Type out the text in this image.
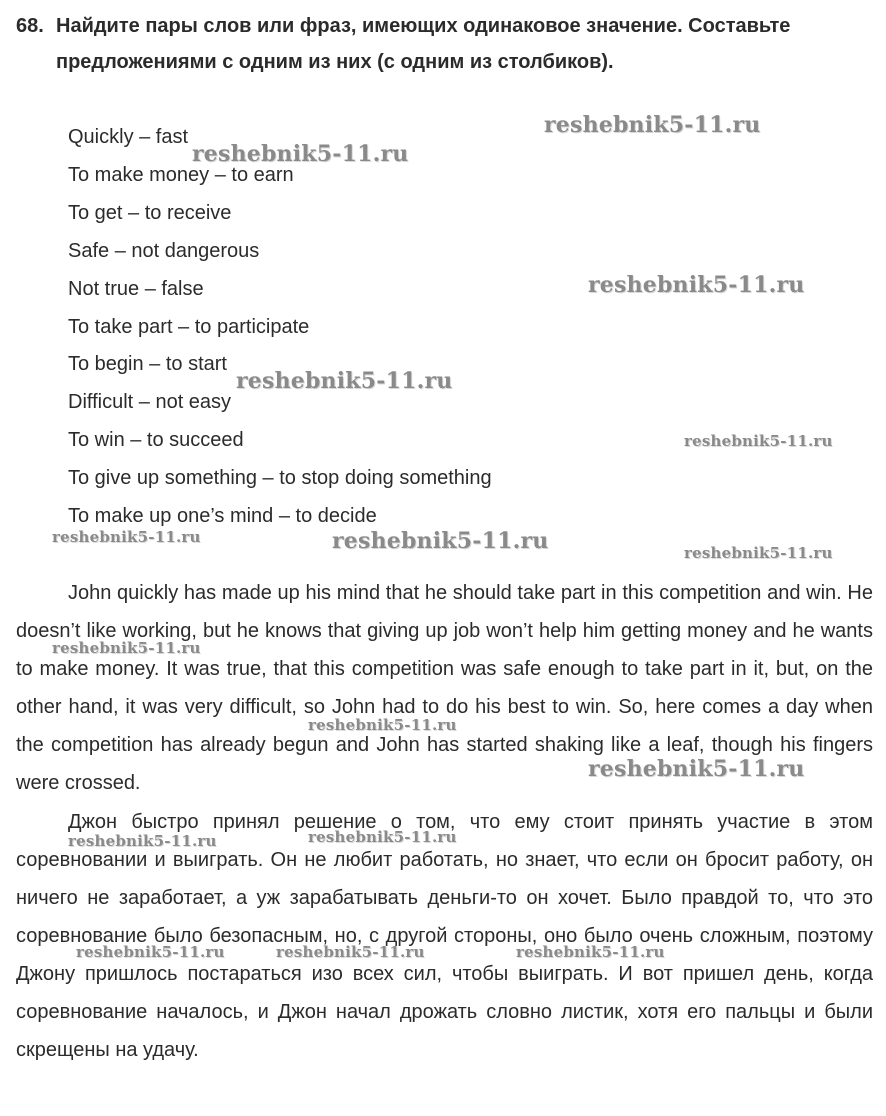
68. Найдите пары слов или фраз, имеющих одинаковое значение. Составьте
предложениями с одним из них (с одним из столбиков).
Quickly – fast
To make money – to earn
To get – to receive
Safe – not dangerous
Not true – false
To take part – to participate
To begin – to start
Difficult – not easy
To win – to succeed
To give up something – to stop doing something
To make up one’s mind – to decide

John quickly has made up his mind that he should take part in this competition and win. He doesn’t like working, but he knows that giving up job won’t help him getting money and he wants to make money. It was true, that this competition was safe enough to take part in it, but, on the other hand, it was very difficult, so John had to do his best to win. So, here comes a day when the competition has already begun and John has started shaking like a leaf, though his fingers were crossed.

Джон быстро принял решение о том, что ему стоит принять участие в этом соревновании и выиграть. Он не любит работать, но знает, что если он бросит работу, он ничего не заработает, а уж зарабатывать деньги-то он хочет. Было правдой то, что это соревнование было безопасным, но, с другой стороны, оно было очень сложным, поэтому Джону пришлось постараться изо всех сил, чтобы выиграть. И вот пришел день, когда соревнование началось, и Джон начал дрожать словно листик, хотя его пальцы и были скрещены на удачу.

reshebnik5-11.ru
reshebnik5-11.ru
reshebnik5-11.ru
reshebnik5-11.ru
reshebnik5-11.ru
reshebnik5-11.ru	reshebnik5-11.ru	reshebnik5-11.ru
reshebnik5-11.ru
reshebnik5-11.ru
reshebnik5-11.ru
reshebnik5-11.ru
reshebnik5-11.ru
reshebnik5-11.ru	reshebnik5-11.ru	reshebnik5-11.ru
